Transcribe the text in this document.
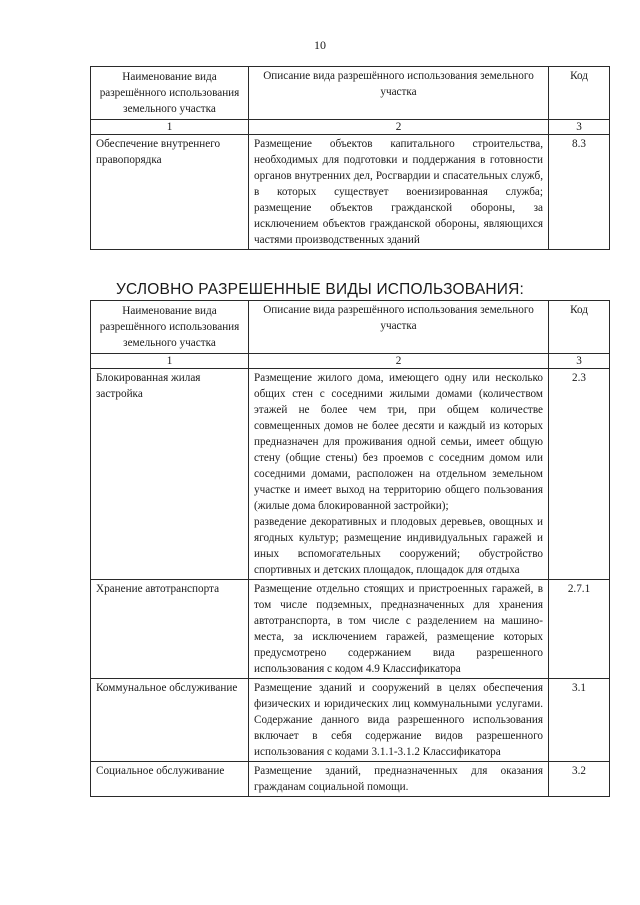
10
Наименование вида разрешённого использования земельного участка	Описание вида разрешённого использования земельного участка	Код
1	2	3
Обеспечение внутреннего правопорядка	Размещение объектов капитального строительства, необходимых для подготовки и поддержания в готовности органов внутренних дел, Росгвардии и спасательных служб, в которых существует военизированная служба; размещение объектов гражданской обороны, за исключением объектов гражданской обороны, являющихся частями производственных зданий	8.3
УСЛОВНО РАЗРЕШЕННЫЕ ВИДЫ ИСПОЛЬЗОВАНИЯ:
Наименование вида разрешённого использования земельного участка	Описание вида разрешённого использования земельного участка	Код
1	2	3
Блокированная жилая застройка	Размещение жилого дома, имеющего одну или несколько общих стен с соседними жилыми домами (количеством этажей не более чем три, при общем количестве совмещенных домов не более десяти и каждый из которых предназначен для проживания одной семьи, имеет общую стену (общие стены) без проемов с соседним домом или соседними домами, расположен на отдельном земельном участке и имеет выход на территорию общего пользования (жилые дома блокированной застройки);
разведение декоративных и плодовых деревьев, овощных и ягодных культур; размещение индивидуальных гаражей и иных вспомогательных сооружений; обустройство спортивных и детских площадок, площадок для отдыха	2.3
Хранение автотранспорта	Размещение отдельно стоящих и пристроенных гаражей, в том числе подземных, предназначенных для хранения автотранспорта, в том числе с разделением на машино-места, за исключением гаражей, размещение которых предусмотрено содержанием вида разрешенного использования с кодом 4.9 Классификатора	2.7.1
Коммунальное обслуживание	Размещение зданий и сооружений в целях обеспечения физических и юридических лиц коммунальными услугами. Содержание данного вида разрешенного использования включает в себя содержание видов разрешенного использования с кодами 3.1.1-3.1.2 Классификатора	3.1
Социальное обслуживание	Размещение зданий, предназначенных для оказания гражданам социальной помощи.	3.2
